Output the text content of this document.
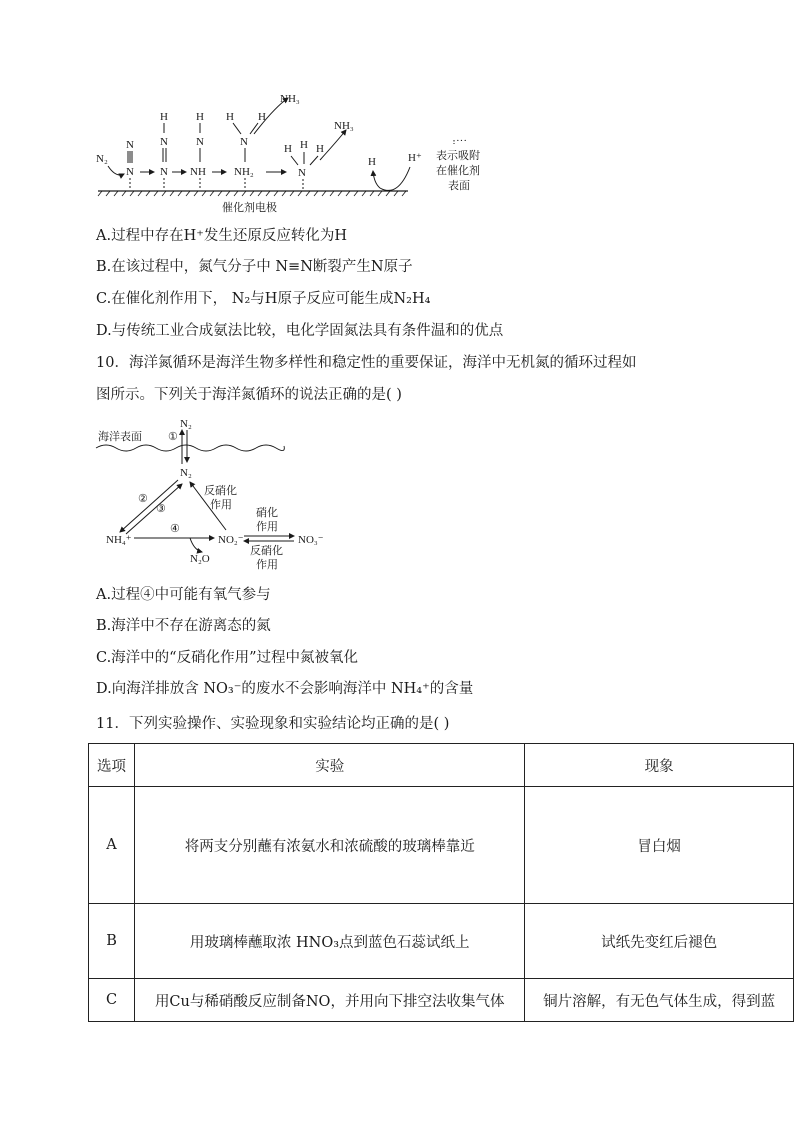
N₂
N
N
H
N
N
H
N
NH
H H
N
NH₂
NH₃
H H H
N
NH₃
H	H⁺
···
表示吸附
在催化剂
表面
催化剂电极
A.过程中存在H⁺发生还原反应转化为H
B.在该过程中，氮气分子中 N≡N断裂产生N原子
C.在催化剂作用下， N₂与H原子反应可能生成N₂H₄
D.与传统工业合成氨法比较，电化学固氮法具有条件温和的优点
10．海洋氮循环是海洋生物多样性和稳定性的重要保证，海洋中无机氮的循环过程如
图所示。下列关于海洋氮循环的说法正确的是( )
海洋表面
N₂
①
N₂
②
③
反硝化
作用
NH₄⁺
④
N₂O
NO₂⁻
硝化
作用
NO₃⁻
反硝化
作用
A.过程④中可能有氧气参与
B.海洋中不存在游离态的氮
C.海洋中的“反硝化作用”过程中氮被氧化
D.向海洋排放含 NO₃⁻的废水不会影响海洋中 NH₄⁺的含量
11．下列实验操作、实验现象和实验结论均正确的是( )
选项	实验	现象
A	将两支分别蘸有浓氨水和浓硫酸的玻璃棒靠近	冒白烟
B	用玻璃棒蘸取浓 HNO₃点到蓝色石蕊试纸上	试纸先变红后褪色
C	用Cu与稀硝酸反应制备NO，并用向下排空法收集气体	铜片溶解，有无色气体生成，得到蓝
